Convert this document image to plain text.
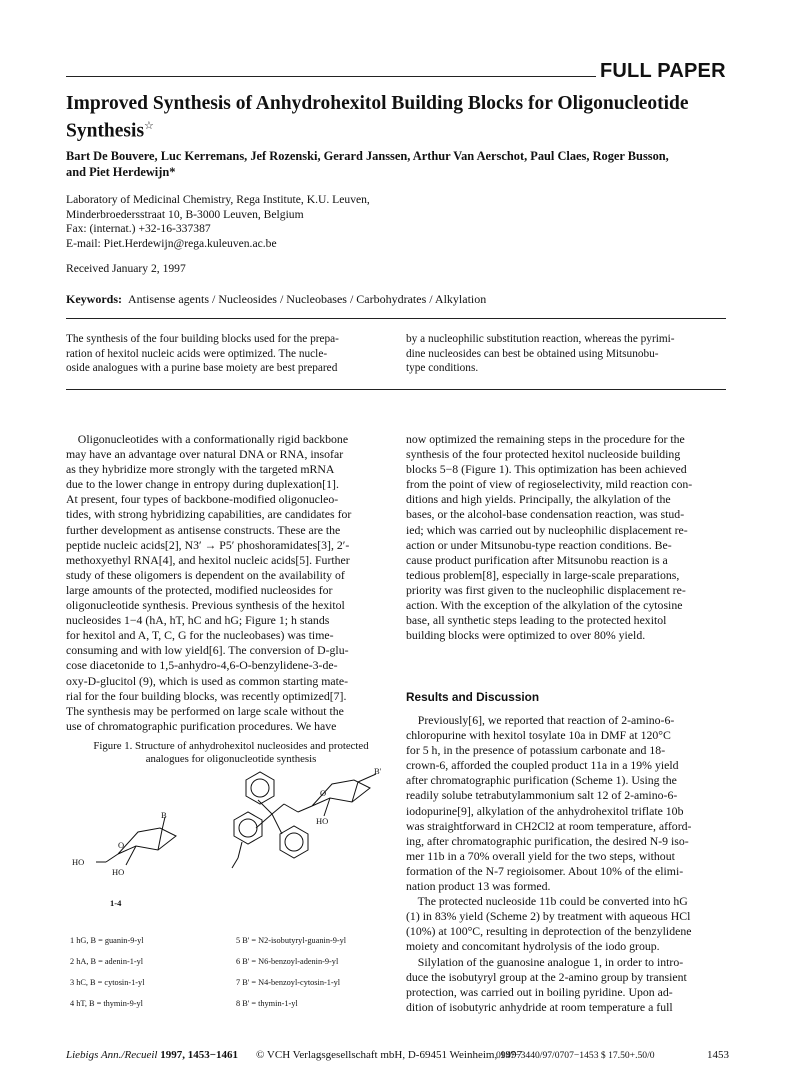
FULL PAPER
Improved Synthesis of Anhydrohexitol Building Blocks for Oligonucleotide Synthesis☆
Bart De Bouvere, Luc Kerremans, Jef Rozenski, Gerard Janssen, Arthur Van Aerschot, Paul Claes, Roger Busson,
and Piet Herdewijn*
Laboratory of Medicinal Chemistry, Rega Institute, K.U. Leuven,
Minderbroedersstraat 10, B-3000 Leuven, Belgium
Fax: (internat.) +32-16-337387
E-mail: Piet.Herdewijn@rega.kuleuven.ac.be
Received January 2, 1997
Keywords: Antisense agents / Nucleosides / Nucleobases / Carbohydrates / Alkylation
The synthesis of the four building blocks used for the prepa-
ration of hexitol nucleic acids were optimized. The nucle-
oside analogues with a purine base moiety are best prepared
by a nucleophilic substitution reaction, whereas the pyrimi-
dine nucleosides can best be obtained using Mitsunobu-
type conditions.
Oligonucleotides with a conformationally rigid backbone
may have an advantage over natural DNA or RNA, insofar
as they hybridize more strongly with the targeted mRNA
due to the lower change in entropy during duplexation[1].
At present, four types of backbone-modified oligonucleo-
tides, with strong hybridizing capabilities, are candidates for
further development as antisense constructs. These are the
peptide nucleic acids[2], N3′ → P5′ phoshoramidates[3], 2′-
methoxyethyl RNA[4], and hexitol nucleic acids[5]. Further
study of these oligomers is dependent on the availability of
large amounts of the protected, modified nucleosides for
oligonucleotide synthesis. Previous synthesis of the hexitol
nucleosides 1−4 (hA, hT, hC and hG; Figure 1; h stands
for hexitol and A, T, C, G for the nucleobases) was time-
consuming and with low yield[6]. The conversion of D-glu-
cose diacetonide to 1,5-anhydro-4,6-O-benzylidene-3-de-
oxy-D-glucitol (9), which is used as common starting mate-
rial for the four building blocks, was recently optimized[7].
The synthesis may be performed on large scale without the
use of chromatographic purification procedures. We have
now optimized the remaining steps in the procedure for the
synthesis of the four protected hexitol nucleoside building
blocks 5−8 (Figure 1). This optimization has been achieved
from the point of view of regioselectivity, mild reaction con-
ditions and high yields. Principally, the alkylation of the
bases, or the alcohol-base condensation reaction, was stud-
ied; which was carried out by nucleophilic displacement re-
action or under Mitsunobu-type reaction conditions. Be-
cause product purification after Mitsunobu reaction is a
tedious problem[8], especially in large-scale preparations,
priority was first given to the nucleophilic displacement re-
action. With the exception of the alkylation of the cytosine
base, all synthetic steps leading to the protected hexitol
building blocks were optimized to over 80% yield.
Results and Discussion
Previously[6], we reported that reaction of 2-amino-6-
chloropurine with hexitol tosylate 10a in DMF at 120°C
for 5 h, in the presence of potassium carbonate and 18-
crown-6, afforded the coupled product 11a in a 19% yield
after chromatographic purification (Scheme 1). Using the
readily solube tetrabutylammonium salt 12 of 2-amino-6-
iodopurine[9], alkylation of the anhydrohexitol triflate 10b
was straightforward in CH2Cl2 at room temperature, afford-
ing, after chromatographic purification, the desired N-9 iso-
mer 11b in a 70% overall yield for the two steps, without
formation of the N-7 regioisomer. About 10% of the elimi-
nation product 13 was formed.
The protected nucleoside 11b could be converted into hG
(1) in 83% yield (Scheme 2) by treatment with aqueous HCl
(10%) at 100°C, resulting in deprotection of the benzylidene
moiety and concomitant hydrolysis of the iodo group.
Silylation of the guanosine analogue 1, in order to intro-
duce the isobutyryl group at the 2-amino group by transient
protection, was carried out in boiling pyridine. Upon ad-
dition of isobutyric anhydride at room temperature a full
Figure 1. Structure of anhydrohexitol nucleosides and protected
analogues for oligonucleotide synthesis
B
O
HO
HO
1-4
B'
O
HO
1 hG, B = guanin-9-yl
2 hA, B = adenin-1-yl
3 hC, B = cytosin-1-yl
4 hT, B = thymin-9-yl
5 B' = N2-isobutyryl-guanin-9-yl
6 B' = N6-benzoyl-adenin-9-yl
7 B' = N4-benzoyl-cytosin-1-yl
8 B' = thymin-1-yl
Liebigs Ann./Recueil 1997, 1453−1461 © VCH Verlagsgesellschaft mbH, D-69451 Weinheim, 1997
0947−3440/97/0707−1453 $ 17.50+.50/0	1453
